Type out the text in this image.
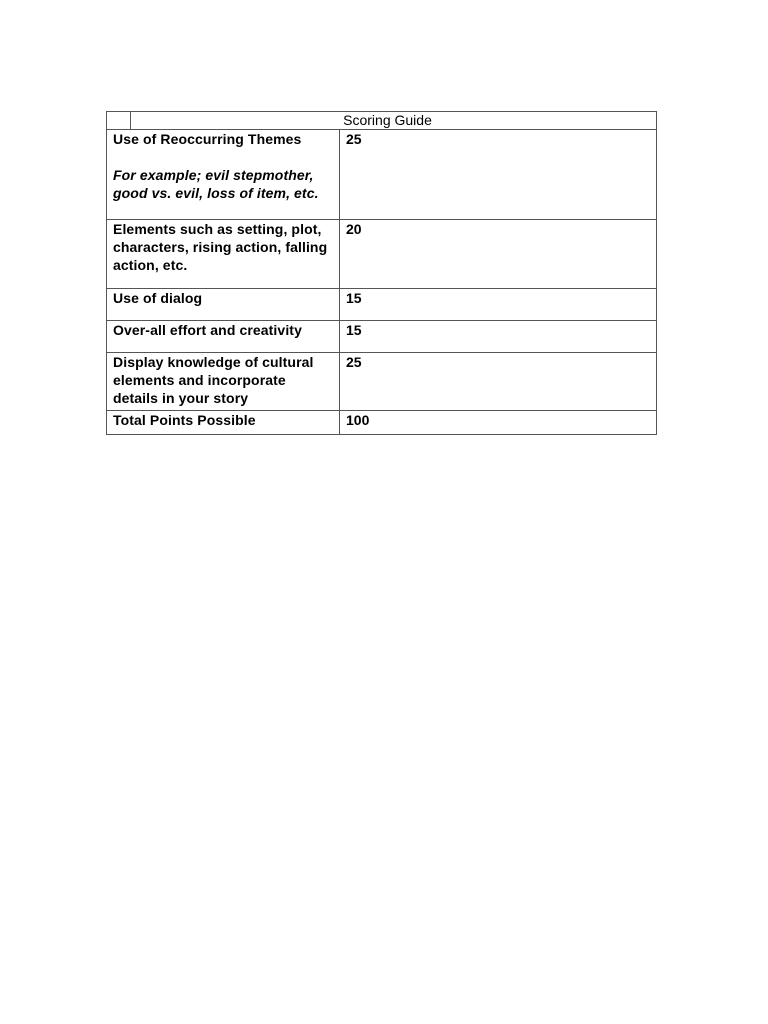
Scoring Guide	

Use of Reoccurring Themes
For example; evil stepmother, good vs. evil, loss of item, etc.	25
Elements such as setting, plot, characters, rising action, falling action, etc.	20
Use of dialog	15
Over-all effort and creativity	15
Display knowledge of cultural elements and incorporate details in your story	25
Total Points Possible	100
